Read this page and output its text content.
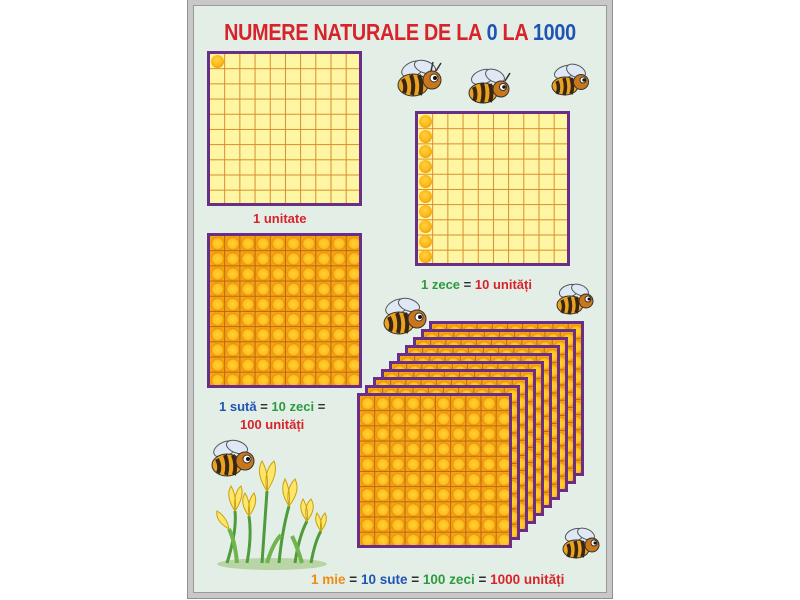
NUMERE NATURALE DE LA 0 LA 1000
1 unitate
1 zece = 10 unități
1 sută = 10 zeci =
100 unități
1 mie = 10 sute = 100 zeci = 1000 unități
